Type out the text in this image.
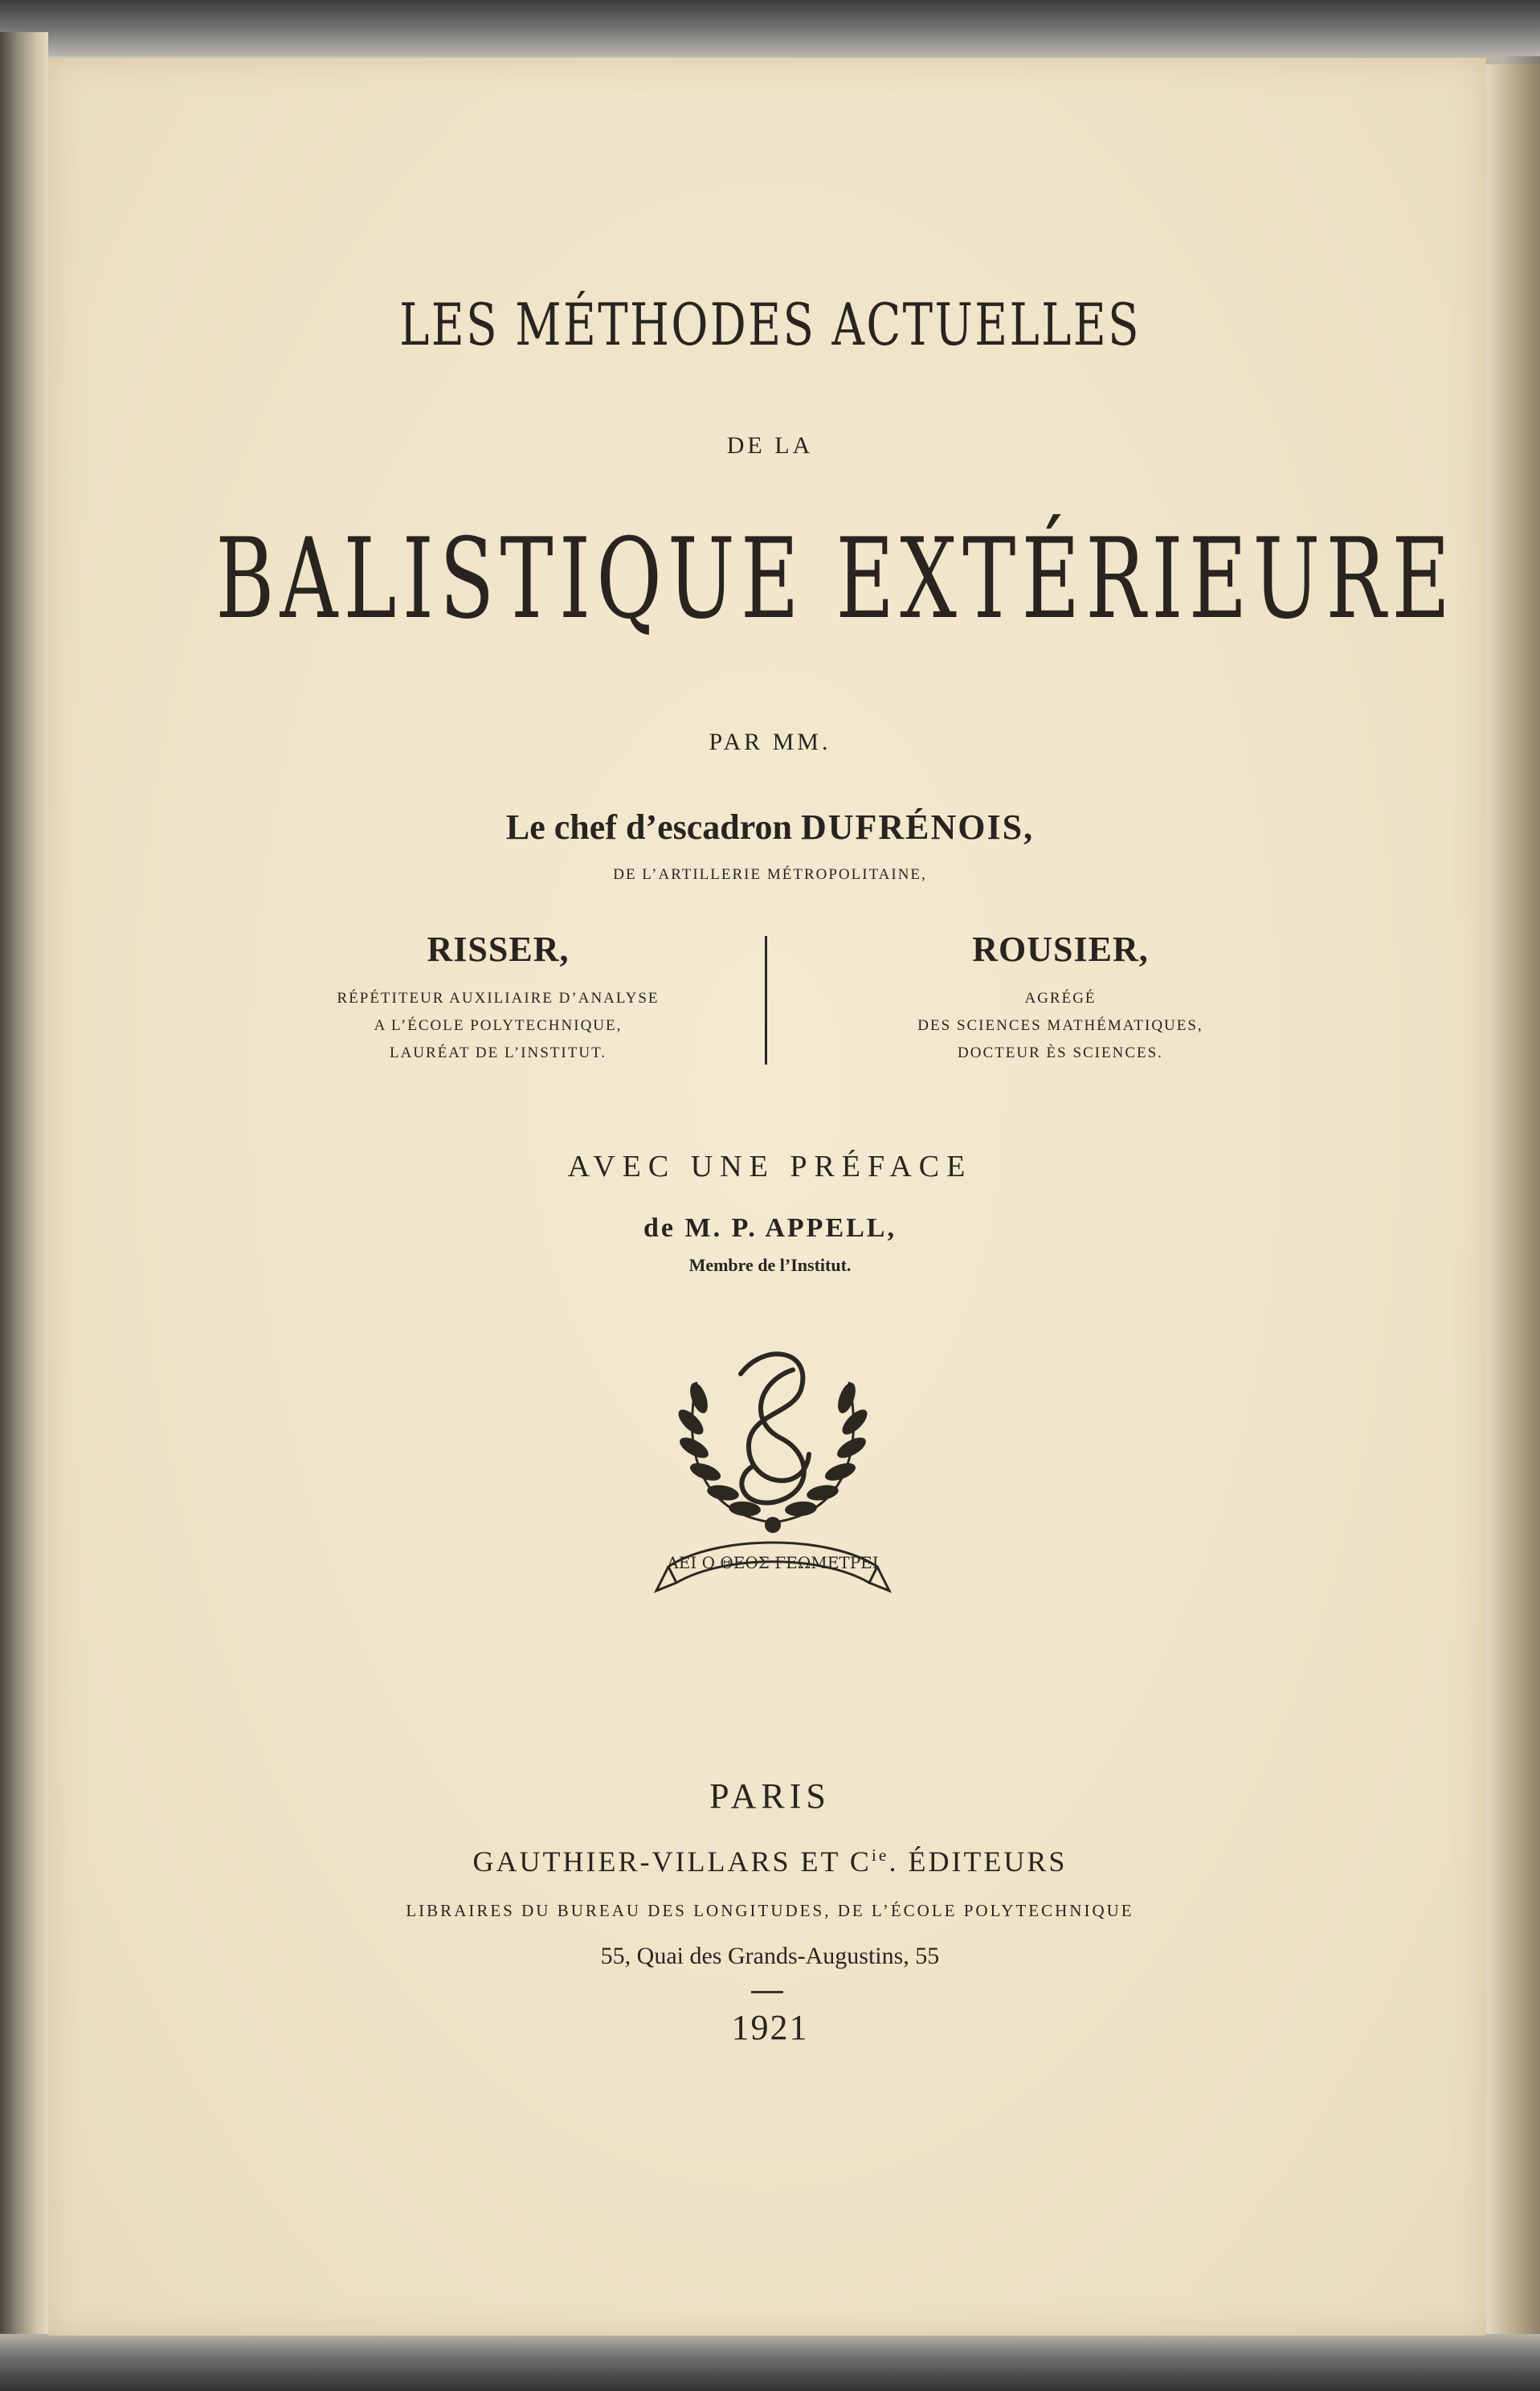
LES MÉTHODES ACTUELLES
DE LA
BALISTIQUE EXTÉRIEURE
PAR MM.
Le chef d’escadron DUFRÉNOIS,
DE L’ARTILLERIE MÉTROPOLITAINE,
RISSER,
RÉPÉTITEUR AUXILIAIRE D’ANALYSE
A L’ÉCOLE POLYTECHNIQUE,
LAURÉAT DE L’INSTITUT.
ROUSIER,
AGRÉGÉ
DES SCIENCES MATHÉMATIQUES,
DOCTEUR ÈS SCIENCES.
AVEC UNE PRÉFACE
de M. P. APPELL,
Membre de l’Institut.
ΑΕΙ Ο ΘΕΟΣ ΓΕΩΜΕΤΡΕΙ
PARIS
GAUTHIER-VILLARS ET $C^{ie}$. ÉDITEURS
LIBRAIRES DU BUREAU DES LONGITUDES, DE L’ÉCOLE POLYTECHNIQUE
55, Quai des Grands-Augustins, 55
1921
